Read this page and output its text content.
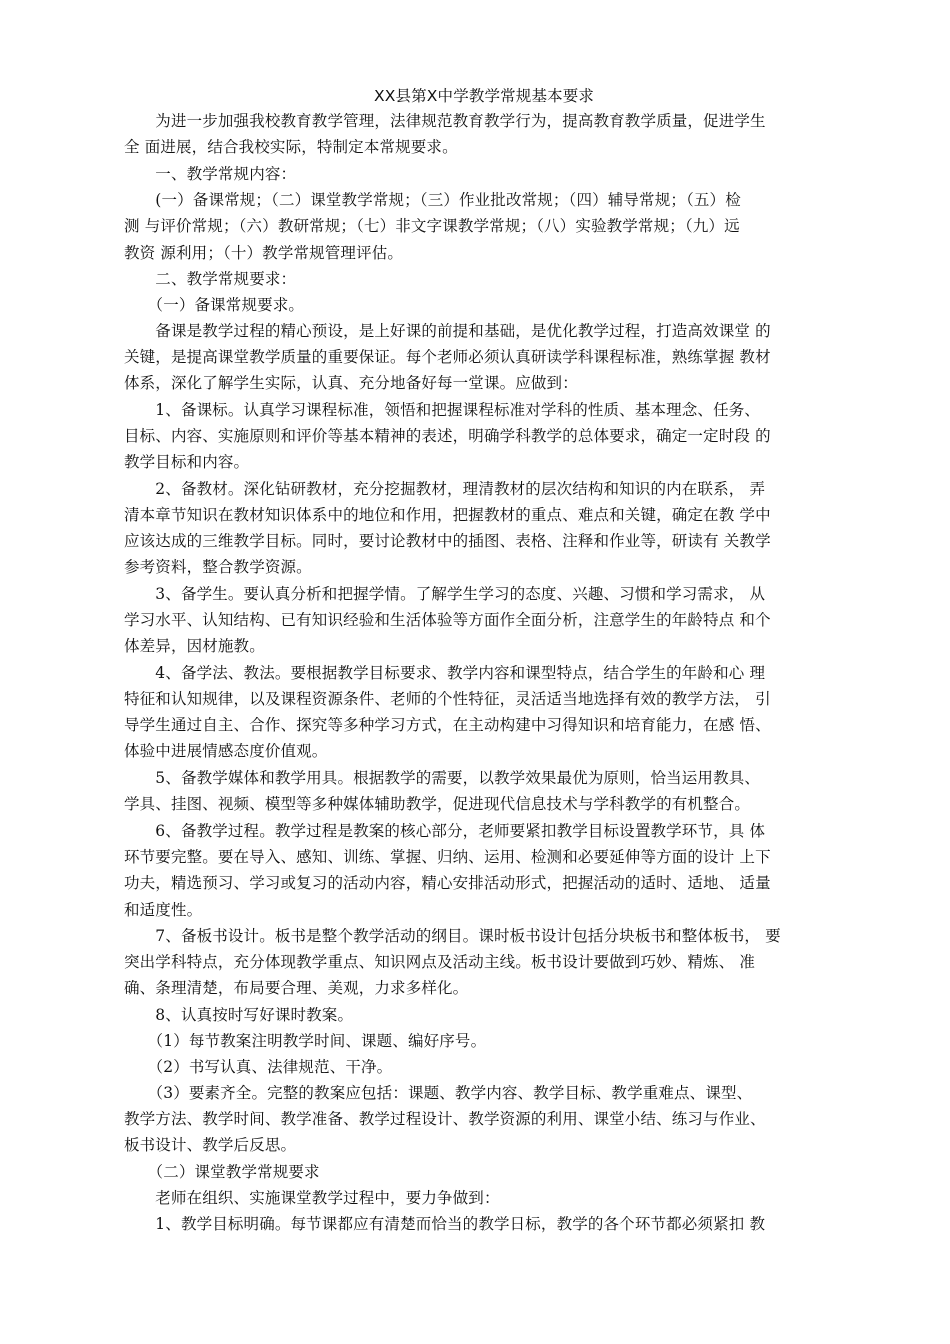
XX县第X中学教学常规基本要求
　　为进一步加强我校教育教学管理，法律规范教育教学行为，提高教育教学质量，促进学生
全 面进展，结合我校实际，特制定本常规要求。
　　一、教学常规内容：
　　(一）备课常规；（二）课堂教学常规；（三）作业批改常规；（四）辅导常规；（五）检
测 与评价常规；（六）教研常规；（七）非文字课教学常规；（八）实验教学常规；（九）远
教资 源利用；（十）教学常规管理评估。
　　二、教学常规要求：
　　（一）备课常规要求。
　　备课是教学过程的精心预设，是上好课的前提和基础，是优化教学过程，打造高效课堂 的
关键，是提高课堂教学质量的重要保证。每个老师必须认真研读学科课程标准，熟练掌握 教材
体系，深化了解学生实际，认真、充分地备好每一堂课。应做到：
　　1、备课标。认真学习课程标准，领悟和把握课程标准对学科的性质、基本理念、任务、
目标、内容、实施原则和评价等基本精神的表述，明确学科教学的总体要求，确定一定时段 的
教学目标和内容。
　　2、备教材。深化钻研教材，充分挖掘教材，理清教材的层次结构和知识的内在联系， 弄
清本章节知识在教材知识体系中的地位和作用，把握教材的重点、难点和关键，确定在教 学中
应该达成的三维教学目标。同时，要讨论教材中的插图、表格、注释和作业等，研读有 关教学
参考资料，整合教学资源。
　　3、备学生。要认真分析和把握学情。了解学生学习的态度、兴趣、习惯和学习需求， 从
学习水平、认知结构、已有知识经验和生活体验等方面作全面分析，注意学生的年龄特点 和个
体差异，因材施教。
　　4、备学法、教法。要根据教学目标要求、教学内容和课型特点，结合学生的年龄和心 理
特征和认知规律，以及课程资源条件、老师的个性特征，灵活适当地选择有效的教学方法， 引
导学生通过自主、合作、探究等多种学习方式，在主动构建中习得知识和培育能力，在感 悟、
体验中进展情感态度价值观。
　　5、备教学媒体和教学用具。根据教学的需要，以教学效果最优为原则，恰当运用教具、
学具、挂图、视频、模型等多种媒体辅助教学，促进现代信息技术与学科教学的有机整合。
　　6、备教学过程。教学过程是教案的核心部分，老师要紧扣教学目标设置教学环节，具 体
环节要完整。要在导入、感知、训练、掌握、归纳、运用、检测和必要延伸等方面的设计 上下
功夫，精选预习、学习或复习的活动内容，精心安排活动形式，把握活动的适时、适地、 适量
和适度性。
　　7、备板书设计。板书是整个教学活动的纲目。课时板书设计包括分块板书和整体板书， 要
突出学科特点，充分体现教学重点、知识网点及活动主线。板书设计要做到巧妙、精炼、 准
确、条理清楚，布局要合理、美观，力求多样化。
　　8、认真按时写好课时教案。
　　（1）每节教案注明教学时间、课题、编好序号。
　　（2）书写认真、法律规范、干净。
　　（3）要素齐全。完整的教案应包括：课题、教学内容、教学目标、教学重难点、课型、
教学方法、教学时间、教学准备、教学过程设计、教学资源的利用、课堂小结、练习与作业、
板书设计、教学后反思。
　　（二）课堂教学常规要求
　　老师在组织、实施课堂教学过程中，要力争做到：
　　1、教学目标明确。每节课都应有清楚而恰当的教学日标，教学的各个环节都必须紧扣 教
